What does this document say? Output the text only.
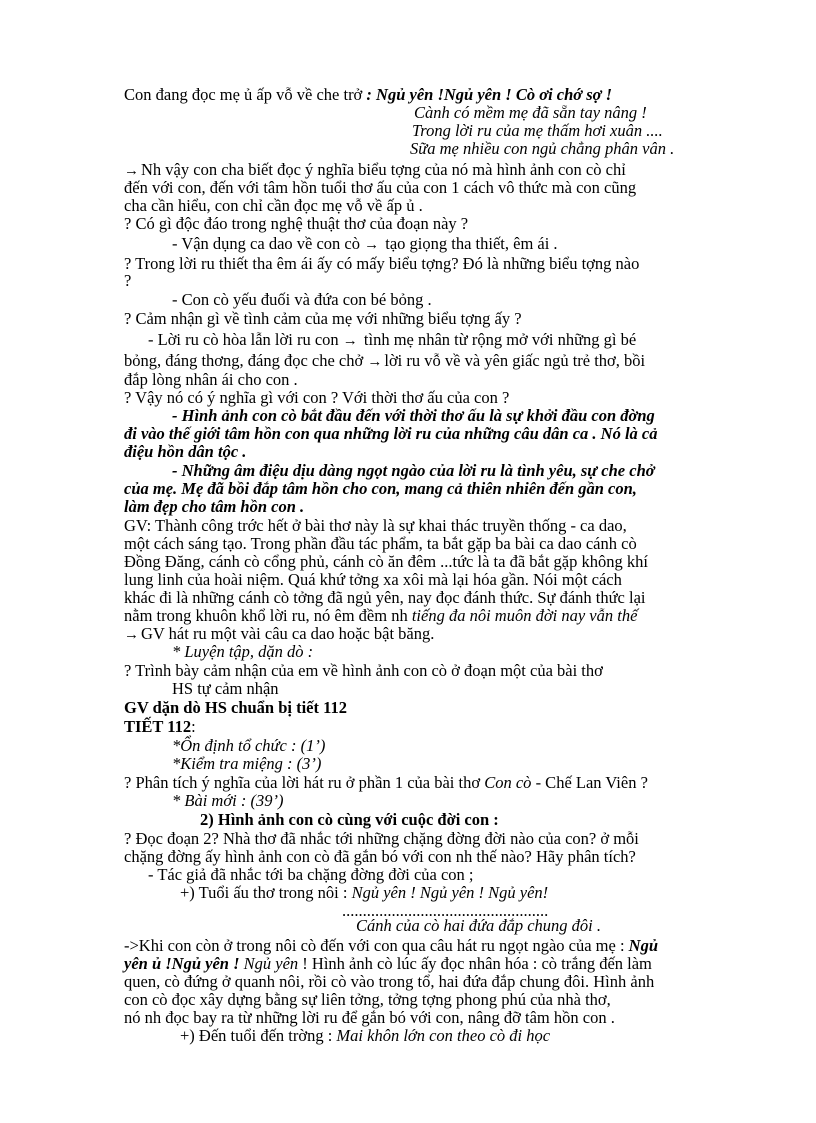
Con đang đọc mẹ ủ ấp vỗ về che trở : Ngủ yên !Ngủ yên ! Cò ơi chớ sợ !
Cành có mềm mẹ đã sẵn tay nâng !
Trong lời ru của mẹ thấm hơi xuân ....
Sữa mẹ nhiều con ngủ chẳng phân vân .
→ Nh vậy con cha biết đọc ý nghĩa biểu tợng của nó mà hình ảnh con cò chỉ
đến với con, đến với tâm hồn tuổi thơ ấu của con 1 cách vô thức mà con cũng
cha cần hiểu, con chỉ cần đọc mẹ vỗ về ấp ủ .
? Có gì độc đáo trong nghệ thuật thơ của đoạn này ?
- Vận dụng ca dao về con cò → tạo giọng tha thiết, êm ái .
? Trong lời ru thiết tha êm ái ấy có mấy biểu tợng? Đó là những biểu tợng nào
?
- Con cò yếu đuối và đứa con bé bỏng .
? Cảm nhận gì về tình cảm của mẹ với những biểu tợng ấy ?
- Lời ru cò hòa lẫn lời ru con → tình mẹ nhân từ rộng mở với những gì bé
bỏng, đáng thơng, đáng đọc che chở → lời ru vỗ về và yên giấc ngủ trẻ thơ, bồi
đắp lòng nhân ái cho con .
? Vậy nó có ý nghĩa gì với con ? Với thời thơ ấu của con ?
- Hình ảnh con cò bắt đầu đến với thời thơ ấu là sự khởi đầu con đờng
đi vào thế giới tâm hồn con qua những lời ru của những câu dân ca . Nó là cả
điệu hồn dân tộc .
- Những âm điệu dịu dàng ngọt ngào của lời ru là tình yêu, sự che chở
của mẹ. Mẹ đã bồi đắp tâm hồn cho con, mang cả thiên nhiên đến gần con,
làm đẹp cho tâm hồn con .
GV: Thành công trớc hết ở bài thơ này là sự khai thác truyền thống - ca dao,
một cách sáng tạo. Trong phần đầu tác phẩm, ta bắt gặp ba bài ca dao cánh cò
Đồng Đăng, cánh cò cổng phủ, cánh cò ăn đêm ...tức là ta đã bắt gặp không khí
lung linh của hoài niệm. Quá khứ tởng xa xôi mà lại hóa gần. Nói một cách
khác đi là những cánh cò tởng đã ngủ yên, nay đọc đánh thức. Sự đánh thức lại
nằm trong khuôn khổ lời ru, nó êm đềm nh tiếng đa nôi muôn đời nay vẫn thế
→ GV hát ru một vài câu ca dao hoặc bật băng.
* Luyện tập, dặn dò :
? Trình bày cảm nhận của em về hình ảnh con cò ở đoạn một của bài thơ
HS tự cảm nhận
GV dặn dò HS chuẩn bị tiết 112
TIẾT 112:
*Ổn định tổ chức : (1’)
*Kiểm tra miệng : (3’)
? Phân tích ý nghĩa của lời hát ru ở phần 1 của bài thơ Con cò - Chế Lan Viên ?
* Bài mới : (39’)
2) Hình ảnh con cò cùng với cuộc đời con :
? Đọc đoạn 2? Nhà thơ đã nhắc tới những chặng đờng đời nào của con? ở mỗi
chặng đờng ấy hình ảnh con cò đã gắn bó với con nh thế nào? Hãy phân tích?
- Tác giả đã nhắc tới ba chặng đờng đời của con ;
+) Tuổi ấu thơ trong nôi : Ngủ yên ! Ngủ yên ! Ngủ yên!
..................................................
Cánh của cò hai đứa đắp chung đôi .
->Khi con còn ở trong nôi cò đến với con qua câu hát ru ngọt ngào của mẹ : Ngủ
yên ủ !Ngủ yên ! Ngủ yên ! Hình ảnh cò lúc ấy đọc nhân hóa : cò trắng đến làm
quen, cò đứng ở quanh nôi, rồi cò vào trong tổ, hai đứa đắp chung đôi. Hình ảnh
con cò đọc xây dựng bằng sự liên tởng, tởng tợng phong phú của nhà thơ,
nó nh đọc bay ra từ những lời ru để gắn bó với con, nâng đỡ tâm hồn con .
+) Đến tuổi đến trờng : Mai khôn lớn con theo cò đi học
